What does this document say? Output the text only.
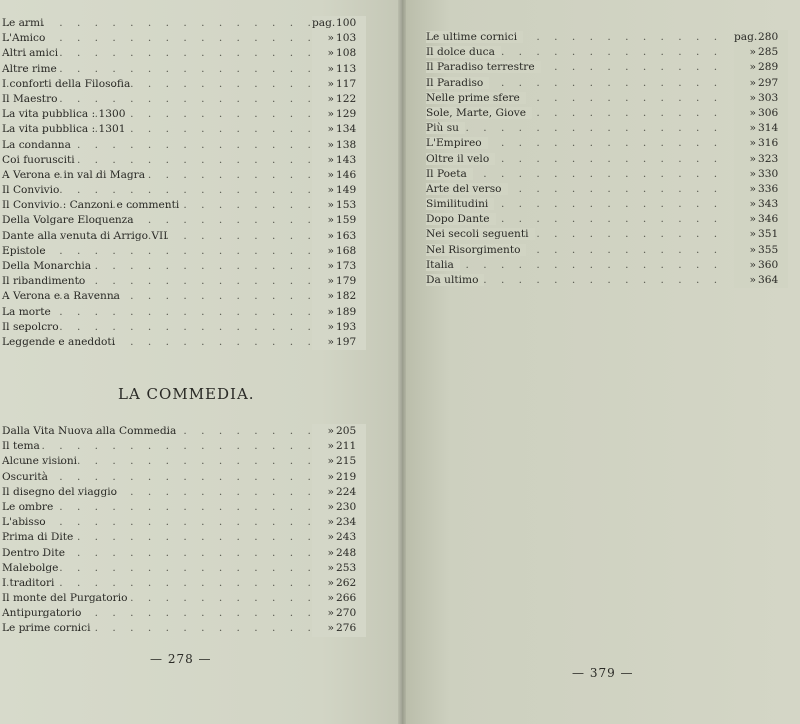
. . .
Le armi	pag. 100
. . .
L'Amico	» 103
. . .
Altri amici	» 108
. . .
Altre rime	» 113
. . .
I conforti della Filosofia	» 117
. . .
Il Maestro	» 122
. . .
La vita pubblica : 1300	» 129
. . .
La vita pubblica : 1301	» 134
. . .
La condanna	» 138
. . .
Coi fuorusciti	» 143
. . .
A Verona e in val di Magra	» 146
. . .
Il Convivio	» 149
. . .
Il Convivio : Canzoni e commenti	» 153
. . .
Della Volgare Eloquenza	» 159
. . .
Dante alla venuta di Arrigo VII	» 163
. . .
Epistole	» 168
. . .
Della Monarchia	» 173
. . .
Il ribandimento	» 179
. . .
A Verona e a Ravenna	» 182
. . .
La morte	» 189
. . .
Il sepolcro	» 193
. . .
Leggende e aneddoti	» 197
LA COMMEDIA.
. . .
Dalla Vita Nuova alla Commedia	» 205
. . .
Il tema	» 211
. . .
Alcune visioni	» 215
. . .
Oscurità	» 219
. . .
Il disegno del viaggio	» 224
. . .
Le ombre	» 230
. . .
L'abisso	» 234
. . .
Prima di Dite	» 243
. . .
Dentro Dite	» 248
. . .
Malebolge	» 253
. . .
I traditori	» 262
. . .
Il monte del Purgatorio	» 266
. . .
Antipurgatorio	» 270
. . .
Le prime cornici	» 276
— 278 —
. . .
Le ultime cornici	pag. 280
. . .
Il dolce duca	» 285
. . .
Il Paradiso terrestre	» 289
. . .
Il Paradiso	» 297
. . .
Nelle prime sfere	» 303
. . .
Sole, Marte, Giove	» 306
. . .
Più su	» 314
. . .
L'Empireo	» 316
. . .
Oltre il velo	» 323
. . .
Il Poeta	» 330
. . .
Arte del verso	» 336
. . .
Similitudini	» 343
. . .
Dopo Dante	» 346
. . .
Nei secoli seguenti	» 351
. . .
Nel Risorgimento	» 355
. . .
Italia	» 360
. . .
Da ultimo	» 364
— 379 —
